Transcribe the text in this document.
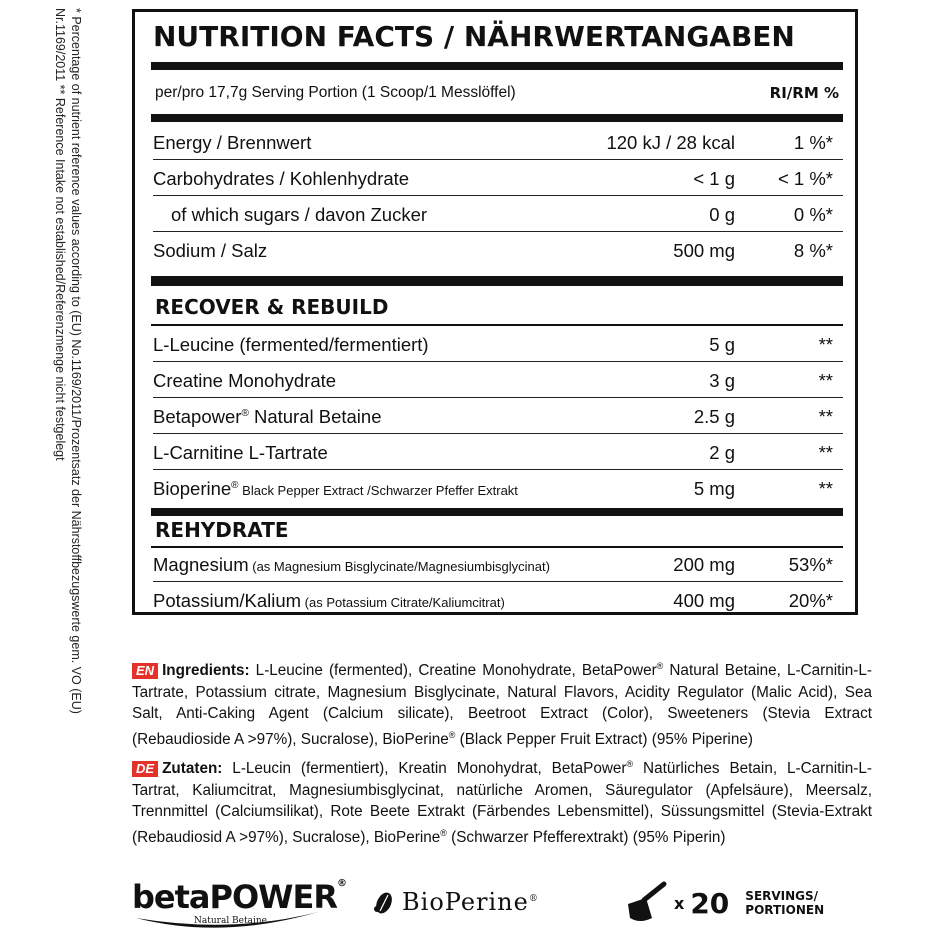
* Percentage of nutrient reference values according to (EU) No.1169/2011/Prozentsatz der Nährstoffbezugswerte gem. VO (EU)
Nr.1169/2011 ** Reference Intake not established/Referenzmenge nicht festgelegt	NUTRITION FACTS / NÄHRWERTANGABEN
per/pro 17,7g Serving Portion (1 Scoop/1 Messlöffel)	RI/RM %
Energy / Brennwert	120 kJ / 28 kcal	1 %*
Carbohydrates / Kohlenhydrate	< 1 g	< 1 %*
of which sugars / davon Zucker	0 g	0 %*
Sodium / Salz	500 mg	8 %*
RECOVER & REBUILD
L-Leucine (fermented/fermentiert)	5 g	**
Creatine Monohydrate	3 g	**
Betapower® Natural Betaine	2.5 g	**
L-Carnitine L-Tartrate	2 g	**
Bioperine® Black Pepper Extract /Schwarzer Pfeffer Extrakt	5 mg	**
REHYDRATE
Magnesium (as Magnesium Bisglycinate/Magnesiumbisglycinat)	200 mg	53%*
Potassium/Kalium (as Potassium Citrate/Kaliumcitrat)	400 mg	20%*

EN Ingredients: L-Leucine (fermented), Creatine Monohydrate, BetaPower® Natural Betaine, L-Carnitin-L-Tartrate, Potassium citrate, Magnesium Bisglycinate, Natural Flavors, Acidity Regulator (Malic Acid), Sea Salt, Anti-Caking Agent (Calcium silicate), Beetroot Extract (Color), Sweeteners (Stevia Extract (Rebaudioside A >97%), Sucralose), BioPerine® (Black Pepper Fruit Extract) (95% Piperine)

DE Zutaten: L-Leucin (fermentiert), Kreatin Monohydrat, BetaPower® Natürliches Betain, L-Carnitin-L-Tartrat, Kaliumcitrat, Magnesiumbisglycinat, natürliche Aromen, Säuregulator (Apfelsäure), Meersalz, Trennmittel (Calciumsilikat), Rote Beete Extrakt (Färbendes Lebensmittel), Süssungsmittel (Stevia-Extrakt (Rebaudiosid A >97%), Sucralose), BioPerine® (Schwarzer Pfefferextrakt) (95% Piperin)

betaPOWER®
Natural Betaine
BioPerine®	x 20 SERVINGS/
PORTIONEN
